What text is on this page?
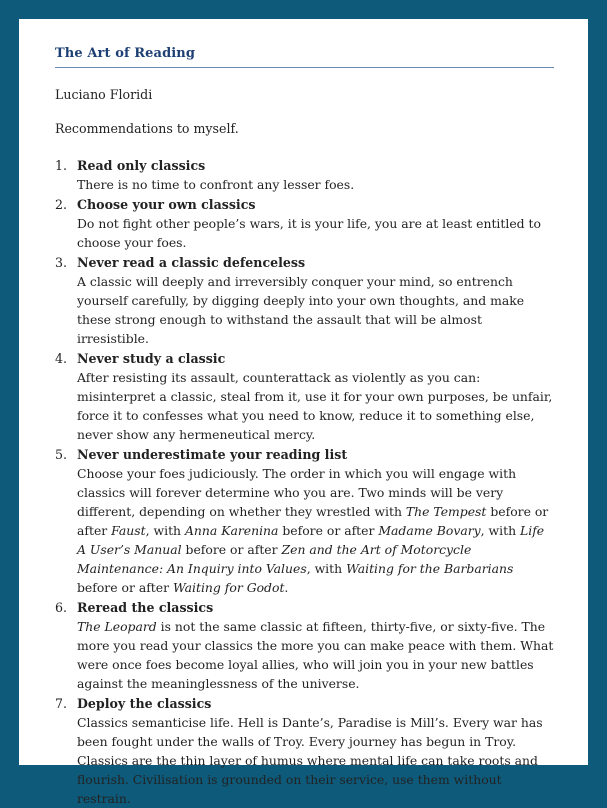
The Art of Reading
Luciano Floridi
Recommendations to myself.
1. Read only classics
There is no time to confront any lesser foes.
2. Choose your own classics
Do not fight other people’s wars, it is your life, you are at least entitled to choose your foes.
3. Never read a classic defenceless
A classic will deeply and irreversibly conquer your mind, so entrench yourself carefully, by digging deeply into your own thoughts, and make these strong enough to withstand the assault that will be almost irresistible.
4. Never study a classic
After resisting its assault, counterattack as violently as you can: misinterpret a classic, steal from it, use it for your own purposes, be unfair, force it to confesses what you need to know, reduce it to something else, never show any hermeneutical mercy.
5. Never underestimate your reading list
Choose your foes judiciously. The order in which you will engage with classics will forever determine who you are. Two minds will be very different, depending on whether they wrestled with The Tempest before or after Faust, with Anna Karenina before or after Madame Bovary, with Life A User’s Manual before or after Zen and the Art of Motorcycle Maintenance: An Inquiry into Values, with Waiting for the Barbarians before or after Waiting for Godot.
6. Reread the classics
The Leopard is not the same classic at fifteen, thirty-five, or sixty-five. The more you read your classics the more you can make peace with them. What were once foes become loyal allies, who will join you in your new battles against the meaninglessness of the universe.
7. Deploy the classics
Classics semanticise life. Hell is Dante’s, Paradise is Mill’s. Every war has been fought under the walls of Troy. Every journey has begun in Troy. Classics are the thin layer of humus where mental life can take roots and flourish. Civilisation is grounded on their service, use them without restrain.
